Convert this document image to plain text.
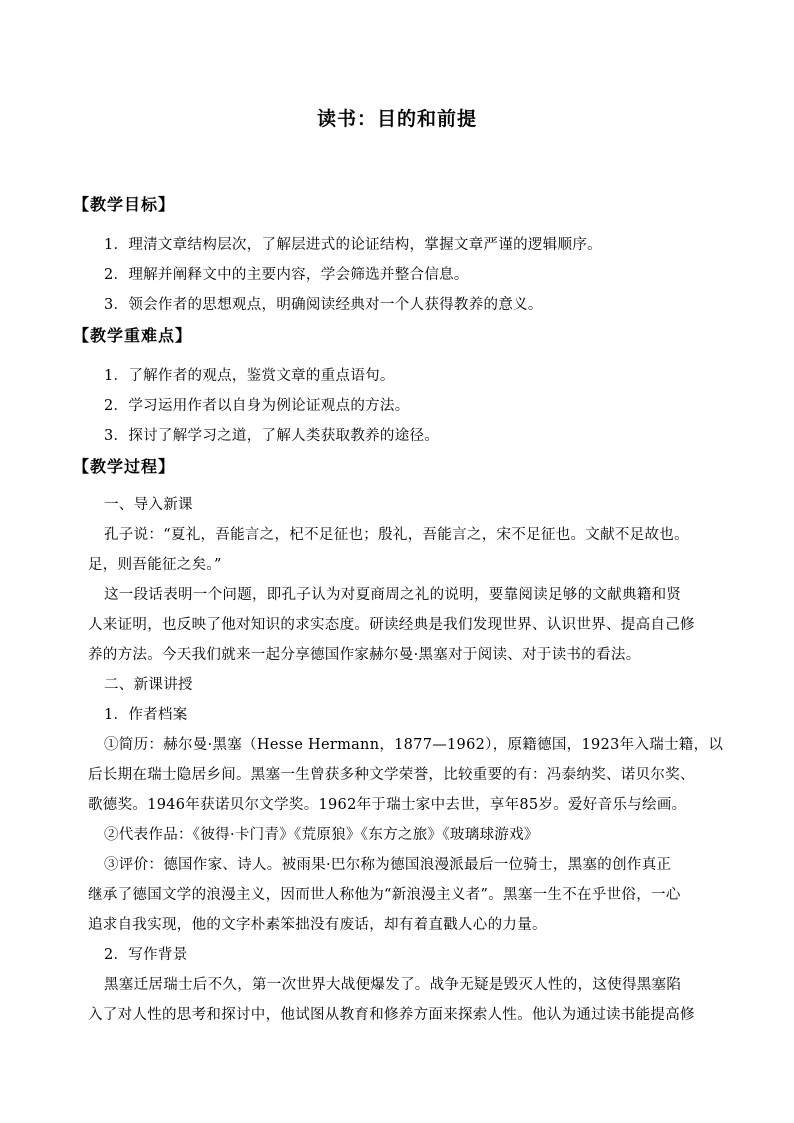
读书：目的和前提
【教学目标】
1．理清文章结构层次，了解层进式的论证结构，掌握文章严谨的逻辑顺序。
2．理解并阐释文中的主要内容，学会筛选并整合信息。
3．领会作者的思想观点，明确阅读经典对一个人获得教养的意义。
【教学重难点】
1．了解作者的观点，鉴赏文章的重点语句。
2．学习运用作者以自身为例论证观点的方法。
3．探讨了解学习之道，了解人类获取教养的途径。
【教学过程】
一、导入新课
孔子说：“夏礼，吾能言之，杞不足征也；殷礼，吾能言之，宋不足征也。文献不足故也。
足，则吾能征之矣。”
这一段话表明一个问题，即孔子认为对夏商周之礼的说明，要靠阅读足够的文献典籍和贤
人来证明，也反映了他对知识的求实态度。研读经典是我们发现世界、认识世界、提高自己修
养的方法。今天我们就来一起分享德国作家赫尔曼·黑塞对于阅读、对于读书的看法。
二、新课讲授
1．作者档案
①简历：赫尔曼·黑塞（Hesse Hermann，1877—1962），原籍德国，1923年入瑞士籍，以
后长期在瑞士隐居乡间。黑塞一生曾获多种文学荣誉，比较重要的有：冯泰纳奖、诺贝尔奖、
歌德奖。1946年获诺贝尔文学奖。1962年于瑞士家中去世，享年85岁。爱好音乐与绘画。
②代表作品：《彼得·卡门青》《荒原狼》《东方之旅》《玻璃球游戏》
③评价：德国作家、诗人。被雨果·巴尔称为德国浪漫派最后一位骑士，黑塞的创作真正
继承了德国文学的浪漫主义，因而世人称他为“新浪漫主义者”。黑塞一生不在乎世俗，一心
追求自我实现，他的文字朴素笨拙没有废话，却有着直戳人心的力量。
2．写作背景
黑塞迁居瑞士后不久，第一次世界大战便爆发了。战争无疑是毁灭人性的，这使得黑塞陷
入了对人性的思考和探讨中，他试图从教育和修养方面来探索人性。他认为通过读书能提高修
